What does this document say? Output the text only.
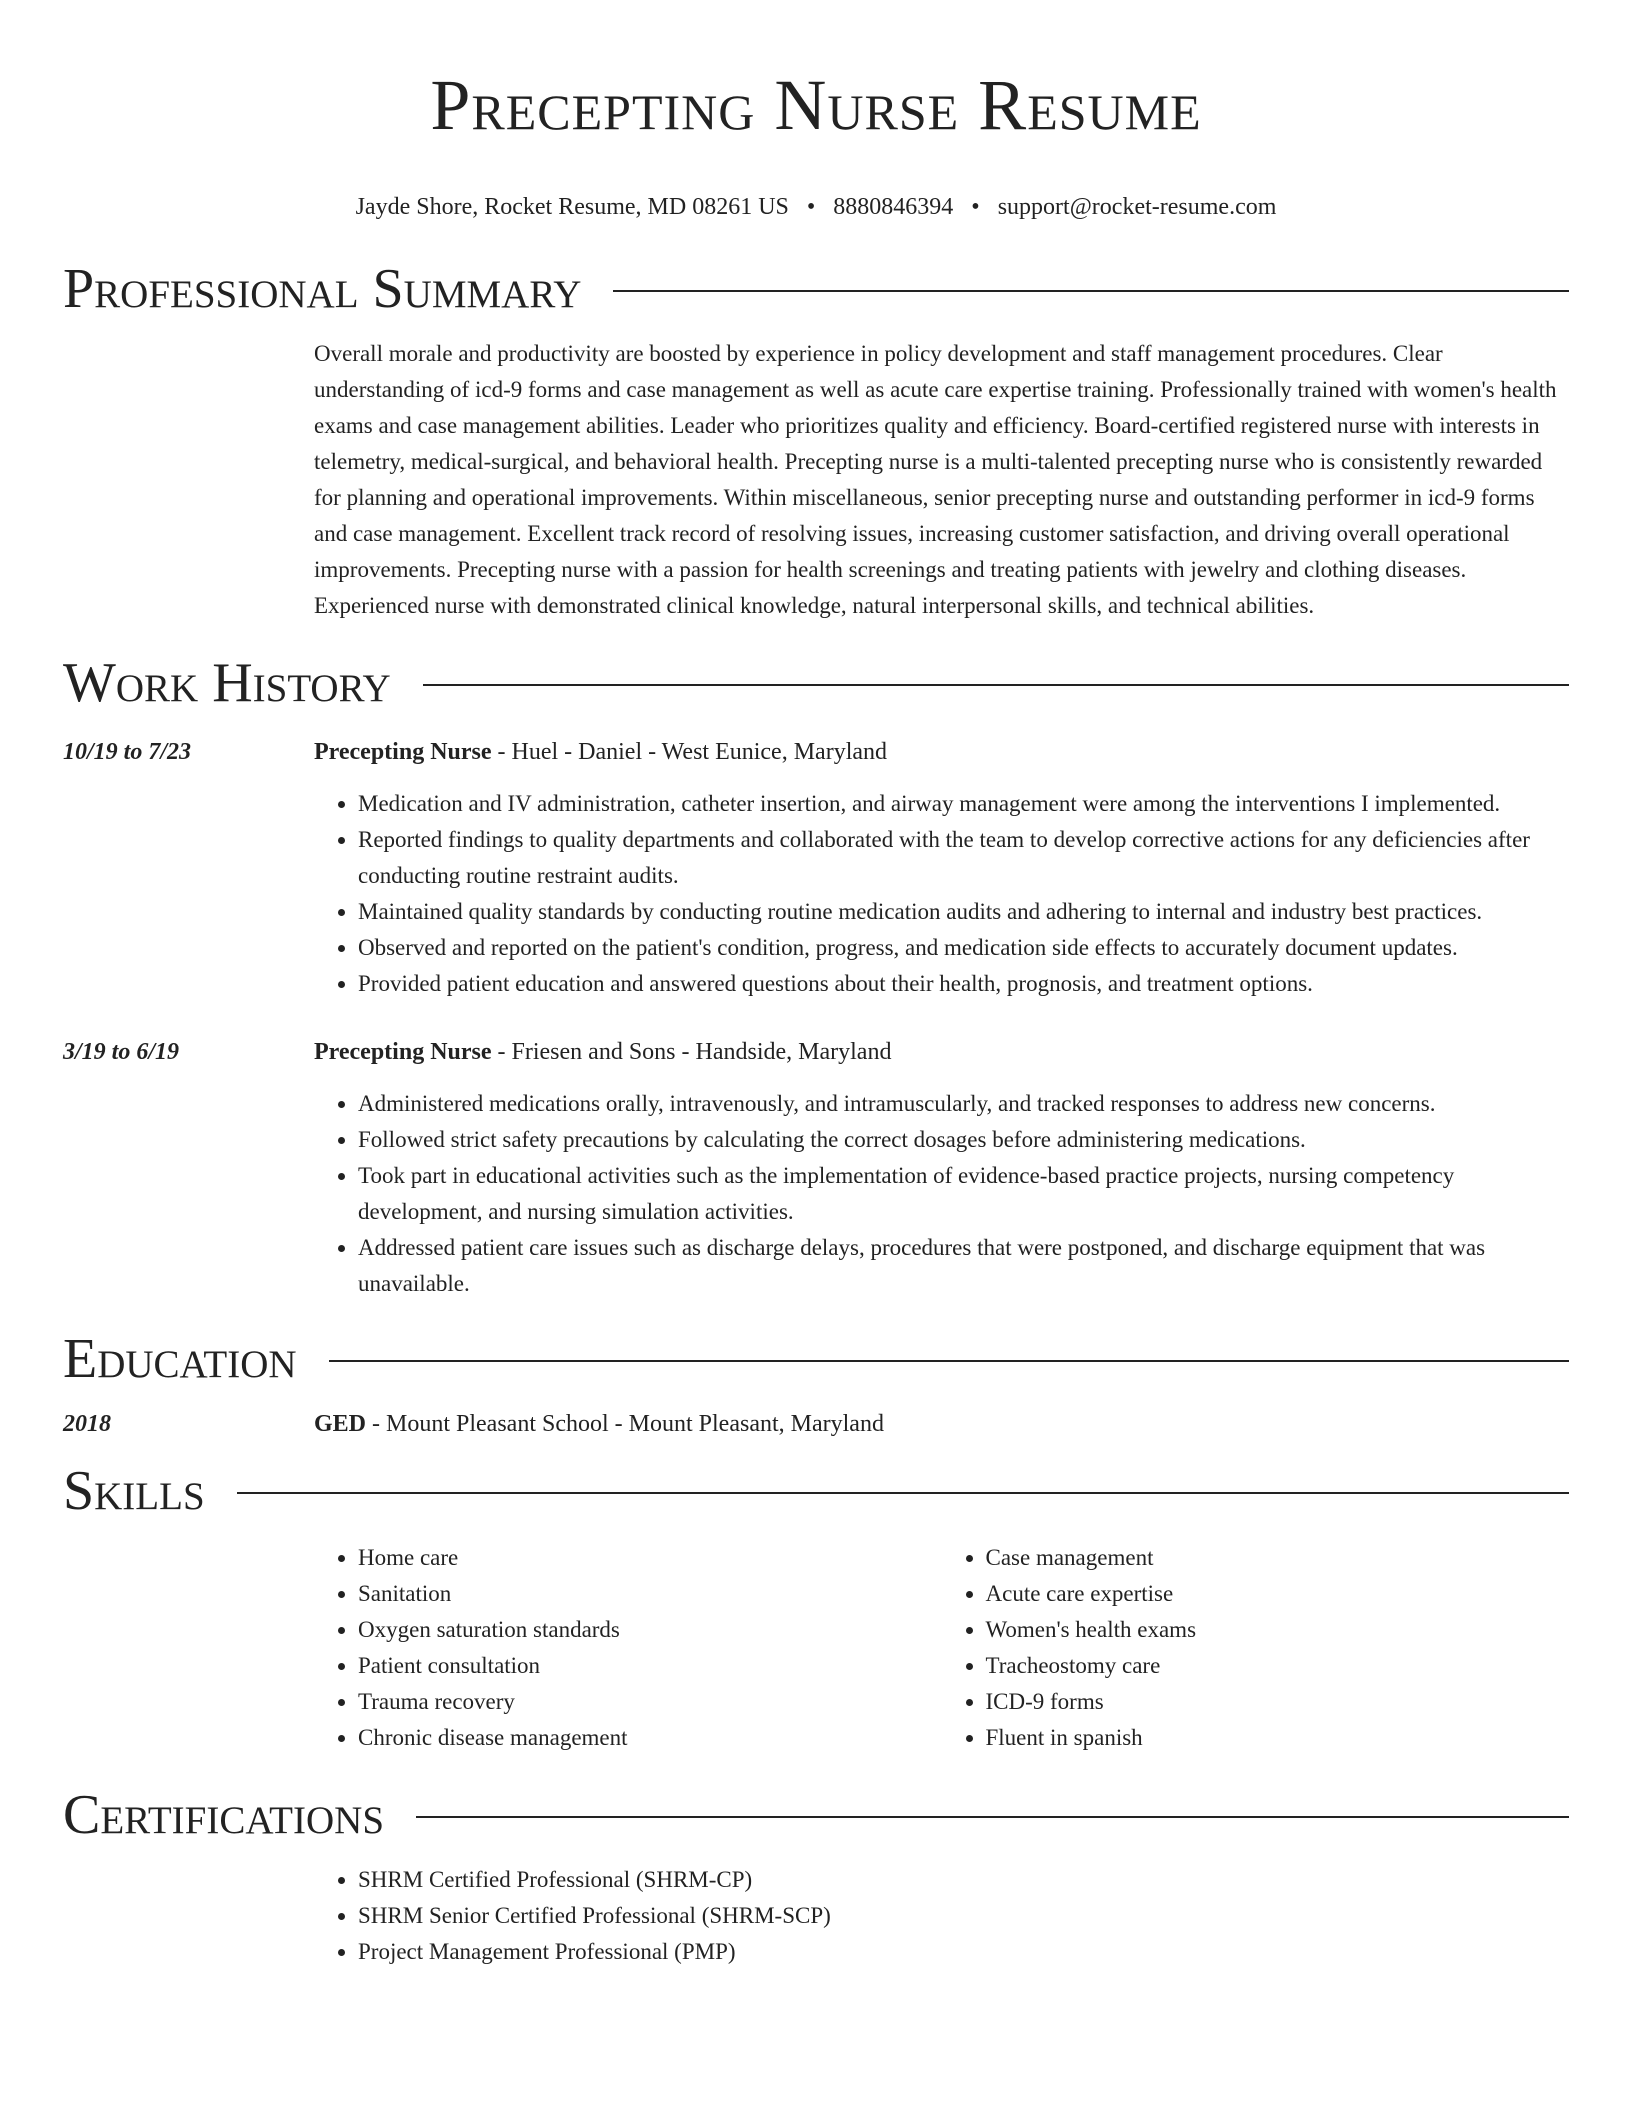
Precepting Nurse Resume
Jayde Shore, Rocket Resume, MD 08261 US • 8880846394 • support@rocket-resume.com
Professional Summary
Overall morale and productivity are boosted by experience in policy development and staff management procedures. Clear understanding of icd-9 forms and case management as well as acute care expertise training. Professionally trained with women's health exams and case management abilities. Leader who prioritizes quality and efficiency. Board-certified registered nurse with interests in telemetry, medical-surgical, and behavioral health. Precepting nurse is a multi-talented precepting nurse who is consistently rewarded for planning and operational improvements. Within miscellaneous, senior precepting nurse and outstanding performer in icd-9 forms and case management. Excellent track record of resolving issues, increasing customer satisfaction, and driving overall operational improvements. Precepting nurse with a passion for health screenings and treating patients with jewelry and clothing diseases. Experienced nurse with demonstrated clinical knowledge, natural interpersonal skills, and technical abilities.
Work History
10/19 to 7/23	Precepting Nurse - Huel - Daniel - West Eunice, Maryland
• Medication and IV administration, catheter insertion, and airway management were among the interventions I implemented.
• Reported findings to quality departments and collaborated with the team to develop corrective actions for any deficiencies after conducting routine restraint audits.
• Maintained quality standards by conducting routine medication audits and adhering to internal and industry best practices.
• Observed and reported on the patient's condition, progress, and medication side effects to accurately document updates.
• Provided patient education and answered questions about their health, prognosis, and treatment options.
3/19 to 6/19	Precepting Nurse - Friesen and Sons - Handside, Maryland
• Administered medications orally, intravenously, and intramuscularly, and tracked responses to address new concerns.
• Followed strict safety precautions by calculating the correct dosages before administering medications.
• Took part in educational activities such as the implementation of evidence-based practice projects, nursing competency development, and nursing simulation activities.
• Addressed patient care issues such as discharge delays, procedures that were postponed, and discharge equipment that was unavailable.
Education
2018	GED - Mount Pleasant School - Mount Pleasant, Maryland
Skills
• Home care
• Sanitation
• Oxygen saturation standards
• Patient consultation
• Trauma recovery
• Chronic disease management
• Case management
• Acute care expertise
• Women's health exams
• Tracheostomy care
• ICD-9 forms
• Fluent in spanish
Certifications
• SHRM Certified Professional (SHRM-CP)
• SHRM Senior Certified Professional (SHRM-SCP)
• Project Management Professional (PMP)
